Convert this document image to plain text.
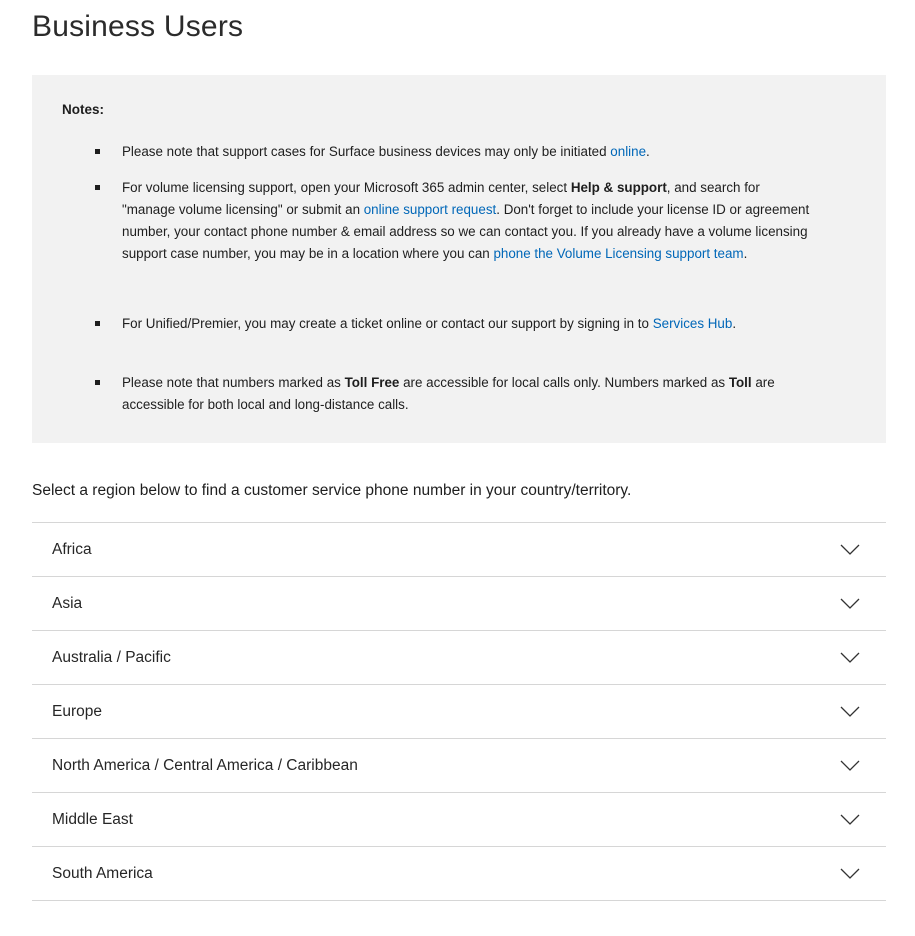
Business Users
Notes:
Please note that support cases for Surface business devices may only be initiated online.
For volume licensing support, open your Microsoft 365 admin center, select Help & support, and search for "manage volume licensing" or submit an online support request. Don't forget to include your license ID or agreement number, your contact phone number & email address so we can contact you. If you already have a volume licensing support case number, you may be in a location where you can phone the Volume Licensing support team.
For Unified/Premier, you may create a ticket online or contact our support by signing in to Services Hub.
Please note that numbers marked as Toll Free are accessible for local calls only. Numbers marked as Toll are accessible for both local and long-distance calls.
Select a region below to find a customer service phone number in your country/territory.
Africa
Asia
Australia / Pacific
Europe
North America / Central America / Caribbean
Middle East
South America
